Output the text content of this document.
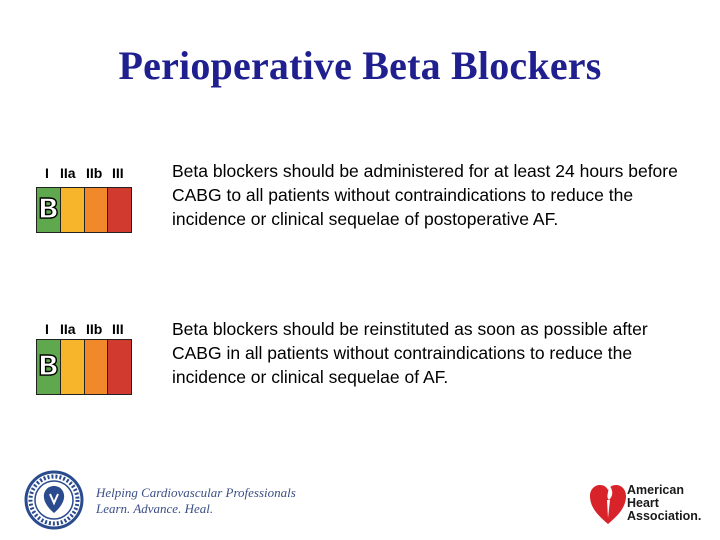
Perioperative Beta Blockers
I IIa IIb III
B
Beta blockers should be administered for at least 24 hours before CABG to all patients without contraindications to reduce the incidence or clinical sequelae of postoperative AF.
I IIa IIb III
B
Beta blockers should be reinstituted as soon as possible after CABG in all patients without contraindications to reduce the incidence or clinical sequelae of AF.
Helping Cardiovascular Professionals
Learn. Advance. Heal.
American
Heart
Association.
